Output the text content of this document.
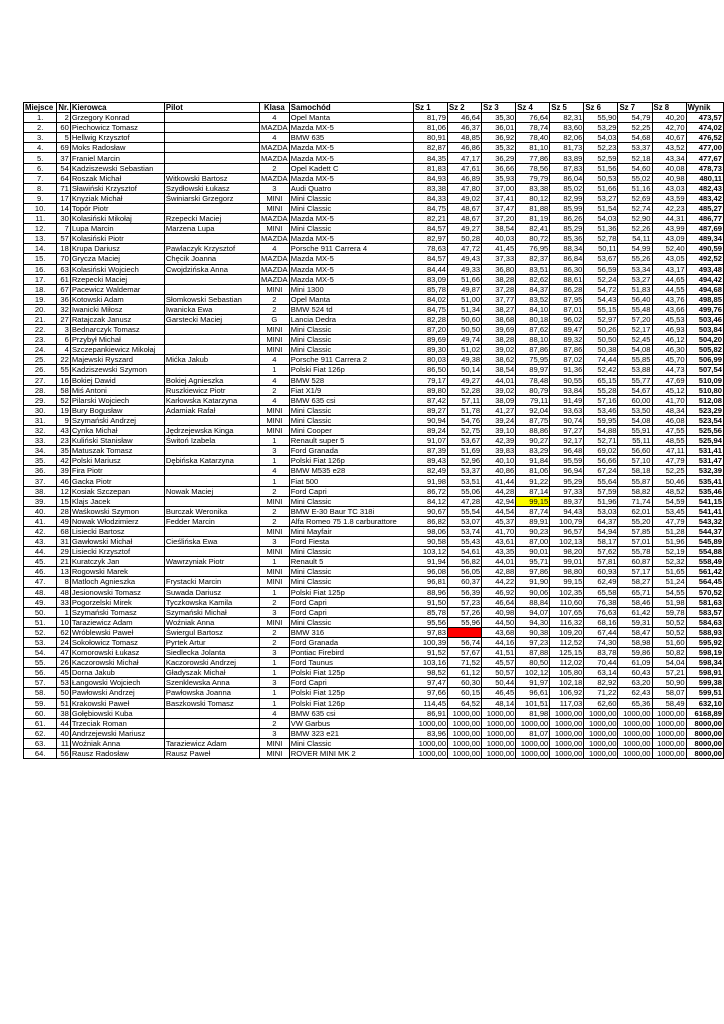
Miejsce	Nr.	Kierowca	Pilot	Klasa	Samochód	Sz 1	Sz 2	Sz 3	Sz 4	Sz 5	Sz 6	Sz 7	Sz 8	Wynik
1.	2	Grzegory Konrad		4	Opel Manta	81,79	46,64	35,30	76,64	82,31	55,90	54,79	40,20	473,57
2.	60	Piechowicz Tomasz		MAZDA	Mazda MX-5	81,06	46,37	36,01	78,74	83,60	53,29	52,25	42,70	474,02
3.	5	Hellwig Krzysztof		4	BMW 635	80,91	48,85	36,92	78,40	82,06	54,03	54,68	40,67	476,52
4.	69	Moks Radosław		MAZDA	Mazda MX-5	82,87	46,86	35,32	81,10	81,73	52,23	53,37	43,52	477,00
5.	37	Franiel Marcin		MAZDA	Mazda MX-5	84,35	47,17	36,29	77,86	83,89	52,59	52,18	43,34	477,67
6.	54	Kadziszewski Sebastian		2	Opel Kadett C	81,83	47,61	36,66	78,56	87,83	51,56	54,60	40,08	478,73
7.	64	Roszak Michał	Witkowski Bartosz	MAZDA	Mazda MX-5	84,93	46,89	35,93	79,79	86,04	50,53	55,02	40,98	480,11
8.	71	Sławiński Krzysztof	Szydłowski Łukasz	3	Audi Quatro	83,38	47,80	37,00	83,38	85,02	51,66	51,16	43,03	482,43
9.	17	Knyziak Michał	Świniarski Grzegorz	MINI	Mini Classic	84,33	49,02	37,41	80,12	82,99	53,27	52,69	43,59	483,42
10.	14	Topór Piotr		MINI	Mini Classic	84,75	48,67	37,47	81,88	85,99	51,54	52,74	42,23	485,27
11.	30	Kolasiński Mikołaj	Rzepecki Maciej	MAZDA	Mazda MX-5	82,21	48,67	37,20	81,19	86,26	54,03	52,90	44,31	486,77
12.	7	Lupa Marcin	Marzena Lupa	MINI	Mini Classic	84,57	49,27	38,54	82,41	85,29	51,36	52,26	43,99	487,69
13.	57	Kolasiński Piotr		MAZDA	Mazda MX-5	82,97	50,28	40,03	80,72	85,36	52,78	54,11	43,09	489,34
14.	18	Krupa Dariusz	Pawlaczyk Krzysztof	4	Porsche 911 Carrera 4	78,63	47,72	41,45	76,95	88,34	50,11	54,99	52,40	490,59
15.	70	Grycza Maciej	Chęcik Joanna	MAZDA	Mazda MX-5	84,57	49,43	37,33	82,37	86,84	53,67	55,26	43,05	492,52
16.	63	Kolasiński Wojciech	Cwojdzińska Anna	MAZDA	Mazda MX-5	84,44	49,33	36,80	83,51	86,30	56,59	53,34	43,17	493,48
17.	61	Rzepecki Maciej		MAZDA	Mazda MX-5	83,09	51,66	38,28	82,62	88,61	52,24	53,27	44,65	494,42
18.	67	Pacewicz Waldemar		MINI	Mini 1300	85,78	49,87	37,28	84,37	86,28	54,72	51,83	44,55	494,68
19.	36	Kotowski Adam	Słomkowski Sebastian	2	Opel Manta	84,02	51,00	37,77	83,52	87,95	54,43	56,40	43,76	498,85
20.	32	Iwanicki Miłosz	Iwanicka Ewa	2	BMW 524 td	84,75	51,34	38,27	84,10	87,01	55,15	55,48	43,66	499,76
21.	27	Ratajczak Janusz	Garstecki Maciej	G	Lancia Dedra	82,28	50,60	38,68	80,18	96,02	52,97	57,20	45,53	503,46
22.	3	Bednarczyk Tomasz		MINI	Mini Classic	87,20	50,50	39,69	87,62	89,47	50,26	52,17	46,93	503,84
23.	6	Przybył Michał		MINI	Mini Classic	89,69	49,74	38,28	88,10	89,32	50,50	52,45	46,12	504,20
24.	4	Szczepankiewicz Mikołaj		MINI	Mini Classic	89,30	51,02	39,02	87,86	87,86	50,38	54,08	46,30	505,82
25.	22	Majewski Ryszard	Mićka Jakub	4	Porsche 911 Carrera 2	80,03	49,38	38,62	75,95	87,02	74,44	55,85	45,70	506,99
26.	55	Kadziszewski Szymon		1	Polski Fiat 126p	86,50	50,14	38,54	89,97	91,36	52,42	53,88	44,73	507,54
27.	16	Bokiej Dawid	Bokiej Agnieszka	4	BMW 528	79,17	49,27	44,01	78,48	90,55	65,15	55,77	47,69	510,09
28.	58	Miś Antoni	Ruszkiewicz Piotr	2	Fiat X1/9	89,80	52,28	39,02	80,79	93,84	55,28	54,67	45,12	510,80
29.	52	Pilarski Wojciech	Karłowska Katarzyna	4	BMW 635 csi	87,42	57,11	38,09	79,11	91,49	57,16	60,00	41,70	512,08
30.	19	Bury Bogusław	Adamiak Rafał	MINI	Mini Classic	89,27	51,78	41,27	92,04	93,63	53,46	53,50	48,34	523,29
31.	9	Szymański Andrzej		MINI	Mini Classic	90,94	54,76	39,24	87,75	90,74	59,95	54,08	46,08	523,54
32.	43	Cynka Michał	Jędrzejewska Kinga	MINI	Mini Cooper	89,24	52,75	39,10	88,86	97,27	54,88	55,91	47,55	525,56
33.	23	Kuliński Stanisław	Świtoń Izabela	1	Renault super 5	91,07	53,67	42,39	90,27	92,17	52,71	55,11	48,55	525,94
34.	35	Matuszak Tomasz		3	Ford Granada	87,39	51,69	39,83	83,29	96,48	69,02	56,60	47,11	531,41
35.	42	Polski Mariusz	Dębińska Katarzyna	1	Polski Fiat 126p	89,43	52,96	40,10	91,84	95,59	56,66	57,10	47,79	531,47
36.	39	Fira Piotr		4	BMW M535 e28	82,49	53,37	40,86	81,06	96,94	67,24	58,18	52,25	532,39
37.	46	Gacka Piotr		1	Fiat 500	91,98	53,51	41,44	91,22	95,29	55,64	55,87	50,46	535,41
38.	12	Kosiak Szczepan	Nowak Maciej	2	Ford Capri	86,72	55,06	44,28	87,14	97,33	57,59	58,82	48,52	535,46
39.	15	Klajs Jacek		MINI	Mini Classic	84,12	47,28	42,94	99,15	89,37	51,96	71,74	54,59	541,15
40.	28	Waśkowski Szymon	Burczak Weronika	2	BMW E-30 Baur TC 318i	90,67	55,54	44,54	87,74	94,43	53,03	62,01	53,45	541,41
41.	49	Nowak Włodzimierz	Fedder Marcin	2	Alfa Romeo 75 1.8 carburattore	86,82	53,07	45,37	89,91	100,79	64,37	55,20	47,79	543,32
42.	68	Lisiecki Bartosz		MINI	Mini Mayfair	98,06	53,74	41,70	90,23	96,57	54,94	57,85	51,28	544,37
43.	31	Gawłowski Michał	Cieślińska Ewa	3	Ford Fiesta	90,58	55,43	43,61	87,00	102,13	58,17	57,01	51,96	545,89
44.	29	Lisiecki Krzysztof		MINI	Mini Classic	103,12	54,61	43,35	90,01	98,20	57,62	55,78	52,19	554,88
45.	21	Kuratczyk Jan	Wawrzyniak Piotr	1	Renault 5	91,94	56,82	44,01	95,71	99,01	57,81	60,87	52,32	558,49
46.	13	Rogowski Marek		MINI	Mini Classic	96,08	56,05	42,88	97,86	98,80	60,93	57,17	51,65	561,42
47.	8	Matloch Agnieszka	Frystacki Marcin	MINI	Mini Classic	96,81	60,37	44,22	91,90	99,15	62,49	58,27	51,24	564,45
48.	48	Jesionowski Tomasz	Suwada Dariusz	1	Polski Fiat 125p	88,96	56,39	46,92	90,06	102,35	65,58	65,71	54,55	570,52
49.	33	Pogorzelski Mirek	Tyczkowska Kamila	2	Ford Capri	91,50	57,23	46,64	88,84	110,60	76,38	58,46	51,98	581,63
50.	1	Szymański Tomasz	Szymański Michał	3	Ford Capri	85,78	57,26	40,98	94,07	107,65	76,63	61,42	59,78	583,57
51.	10	Taraziewicz Adam	Woźniak Anna	MINI	Mini Classic	95,56	55,96	44,50	94,30	116,32	68,16	59,31	50,52	584,63
52.	62	Wróblewski Paweł	Świergul Bartosz	2	BMW 316	97,83	71,61	43,68	90,38	109,20	67,44	58,47	50,52	588,93
53.	24	Sokołowicz Tomasz	Pyrtek Artur	2	Ford Granada	100,39	56,74	44,16	97,23	112,52	74,30	58,98	51,60	595,92
54.	47	Komorowski Łukasz	Siedlecka Jolanta	3	Pontiac Firebird	91,52	57,67	41,51	87,88	125,15	83,78	59,86	50,82	598,19
55.	26	Kaczorowski Michał	Kaczorowski Andrzej	1	Ford Taunus	103,16	71,52	45,57	80,50	112,02	70,44	61,09	54,04	598,34
56.	45	Dorna Jakub	Gładyszak Michał	1	Polski Fiat 125p	98,52	61,12	50,57	102,12	105,80	63,14	60,43	57,21	598,91
57.	53	Łangowski Wojciech	Szenklewska Anna	3	Ford Capri	97,47	60,30	50,44	91,97	102,18	82,92	63,20	50,90	599,38
58.	50	Pawłowski Andrzej	Pawłowska Joanna	1	Polski Fiat 125p	97,66	60,15	46,45	96,61	106,92	71,22	62,43	58,07	599,51
59.	51	Krakowski Paweł	Baszkowski Tomasz	1	Polski Fiat 126p	114,45	64,52	48,14	101,51	117,03	62,60	65,36	58,49	632,10
60.	38	Gołębiowski Kuba		4	BMW 635 csi	86,91	1000,00	1000,00	81,98	1000,00	1000,00	1000,00	1000,00	6168,89
61.	44	Trzeciak Roman		2	VW Garbus	1000,00	1000,00	1000,00	1000,00	1000,00	1000,00	1000,00	1000,00	8000,00
62.	40	Andrzejewski Mariusz		3	BMW 323 e21	83,96	1000,00	1000,00	81,07	1000,00	1000,00	1000,00	1000,00	8000,00
63.	11	Woźniak Anna	Taraziewicz Adam	MINI	Mini Classic	1000,00	1000,00	1000,00	1000,00	1000,00	1000,00	1000,00	1000,00	8000,00
64.	56	Rausz Radosław	Rausz Paweł	MINI	ROVER MINI MK 2	1000,00	1000,00	1000,00	1000,00	1000,00	1000,00	1000,00	1000,00	8000,00
